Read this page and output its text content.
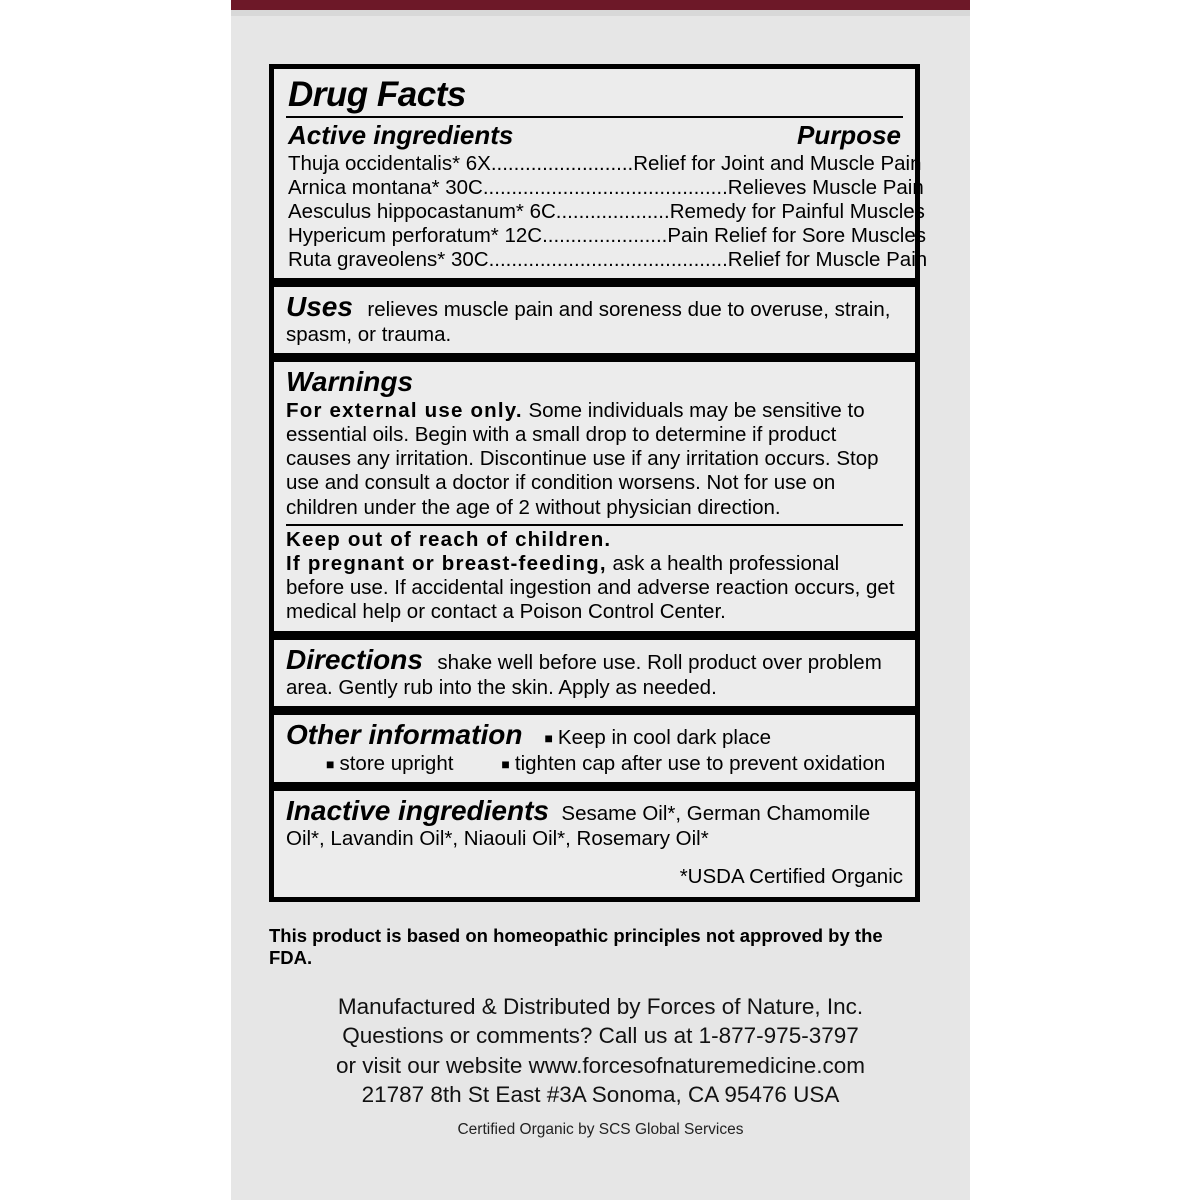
Drug Facts
Active ingredients	Purpose
Thuja occidentalis* 6X.........................Relief for Joint and Muscle Pain
Arnica montana* 30C...........................................Relieves Muscle Pain
Aesculus hippocastanum* 6C....................Remedy for Painful Muscles
Hypericum perforatum* 12C......................Pain Relief for Sore Muscles
Ruta graveolens* 30C..........................................Relief for Muscle Pain
Uses relieves muscle pain and soreness due to overuse, strain, spasm, or trauma.
Warnings
For external use only. Some individuals may be sensitive to essential oils. Begin with a small drop to determine if product causes any irritation. Discontinue use if any irritation occurs. Stop use and consult a doctor if condition worsens. Not for use on children under the age of 2 without physician direction.
Keep out of reach of children.
If pregnant or breast-feeding, ask a health professional before use. If accidental ingestion and adverse reaction occurs, get medical help or contact a Poison Control Center.
Directions shake well before use. Roll product over problem area. Gently rub into the skin. Apply as needed.
Other information ■ Keep in cool dark place
■ store upright	■ tighten cap after use to prevent oxidation
Inactive ingredients Sesame Oil*, German Chamomile Oil*, Lavandin Oil*, Niaouli Oil*, Rosemary Oil*
*USDA Certified Organic
This product is based on homeopathic principles not approved by the FDA.
Manufactured & Distributed by Forces of Nature, Inc.
Questions or comments? Call us at 1-877-975-3797
or visit our website www.forcesofnaturemedicine.com
21787 8th St East #3A Sonoma, CA 95476 USA
Certified Organic by SCS Global Services
